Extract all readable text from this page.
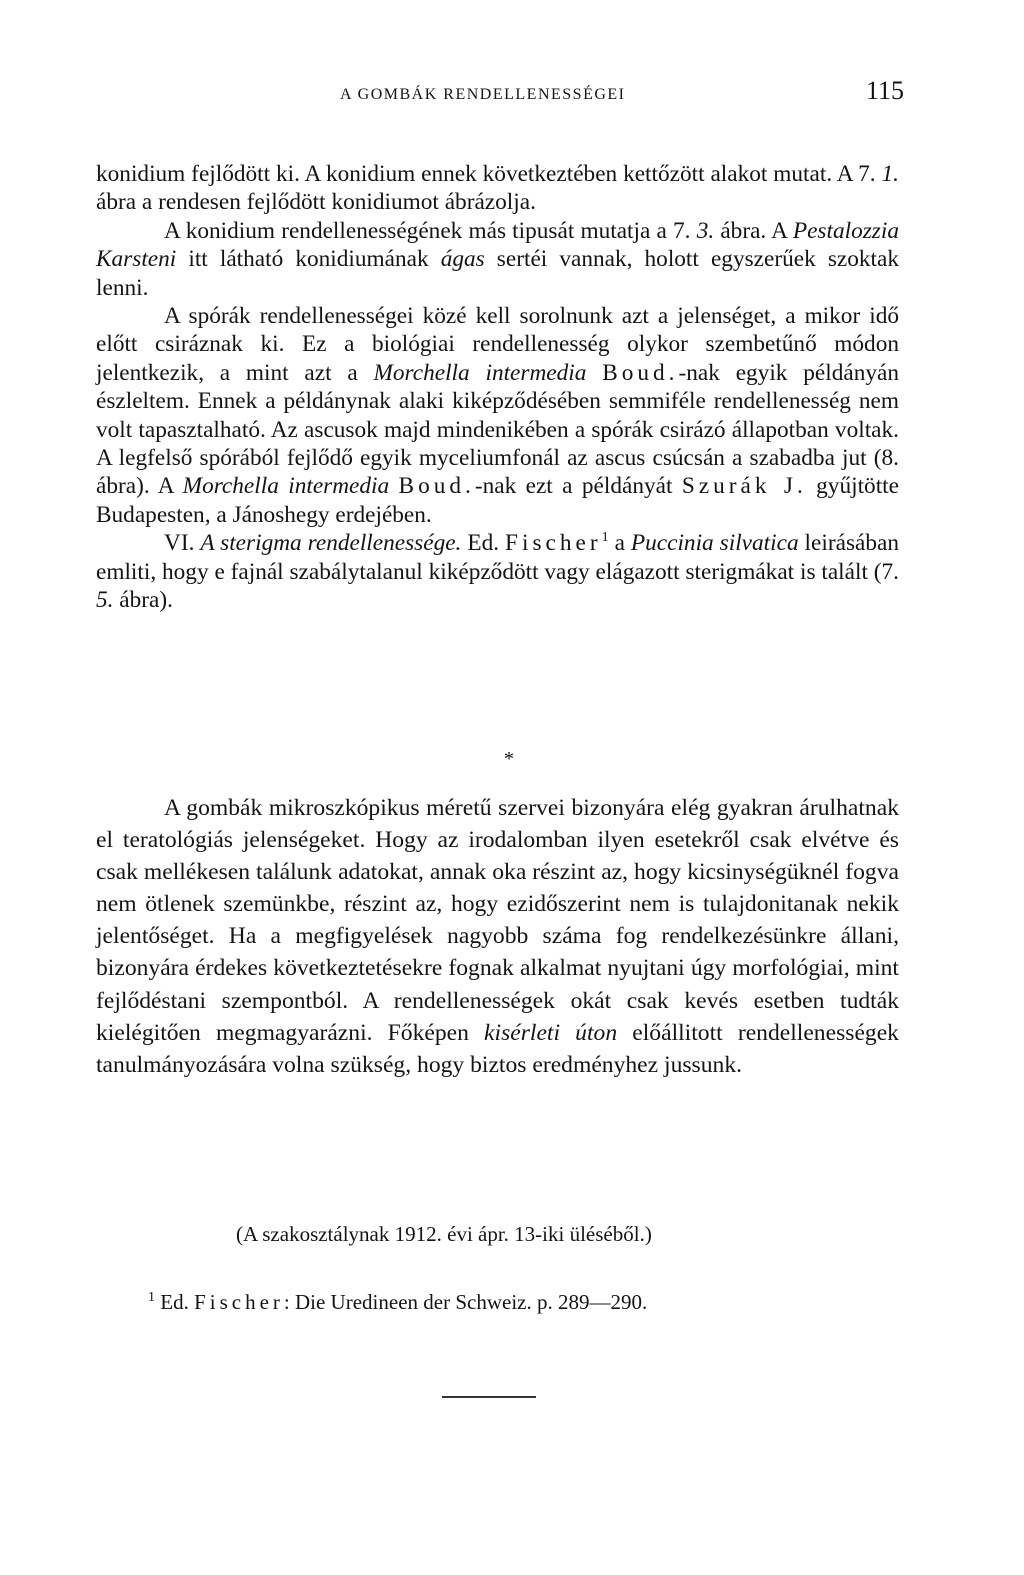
A GOMBÁK RENDELLENESSÉGEI	115

konidium fejlődött ki. A konidium ennek következtében kettőzött alakot mutat. A 7. 1. ábra a rendesen fejlődött konidiumot ábrázolja.

A konidium rendellenességének más tipusát mutatja a 7. 3. ábra. A Pestalozzia Karsteni itt látható konidiumának ágas sertéi vannak, holott egyszerűek szoktak lenni.

A spórák rendellenességei közé kell sorolnunk azt a jelenséget, a mikor idő előtt csiráznak ki. Ez a biológiai rendellenesség olykor szembetűnő módon jelentkezik, a mint azt a Morchella intermedia Boud.-nak egyik példányán észleltem. Ennek a példánynak alaki kiképződésében semmiféle rendellenesség nem volt tapasztalható. Az ascusok majd mindenikében a spórák csirázó állapotban voltak. A legfelső spórából fejlődő egyik myceliumfonál az ascus csúcsán a szabadba jut (8. ábra). A Morchella intermedia Boud.-nak ezt a példányát Szurák J. gyűjtötte Budapesten, a Jánoshegy erdejében.

VI. A sterigma rendellenessége. Ed. Fischer$^1$ a Puccinia silvatica leirásában emliti, hogy e fajnál szabálytalanul kiképződött vagy elágazott sterigmákat is talált (7. 5. ábra).

*

A gombák mikroszkópikus méretű szervei bizonyára elég gyakran árulhatnak el teratológiás jelenségeket. Hogy az irodalomban ilyen esetekről csak elvétve és csak mellékesen találunk adatokat, annak oka részint az, hogy kicsinységüknél fogva nem ötlenek szemünkbe, részint az, hogy ezidőszerint nem is tulajdonitanak nekik jelentőséget. Ha a megfigyelések nagyobb száma fog rendelkezésünkre állani, bizonyára érdekes következtetésekre fognak alkalmat nyujtani úgy morfológiai, mint fejlődéstani szempontból. A rendellenességek okát csak kevés esetben tudták kielégitően megmagyarázni. Főképen kisérleti úton előállitott rendellenességek tanulmányozására volna szükség, hogy biztos eredményhez jussunk.

(A szakosztálynak 1912. évi ápr. 13-iki üléséből.)
$^1$ Ed. Fischer: Die Uredineen der Schweiz. p. 289—290.
